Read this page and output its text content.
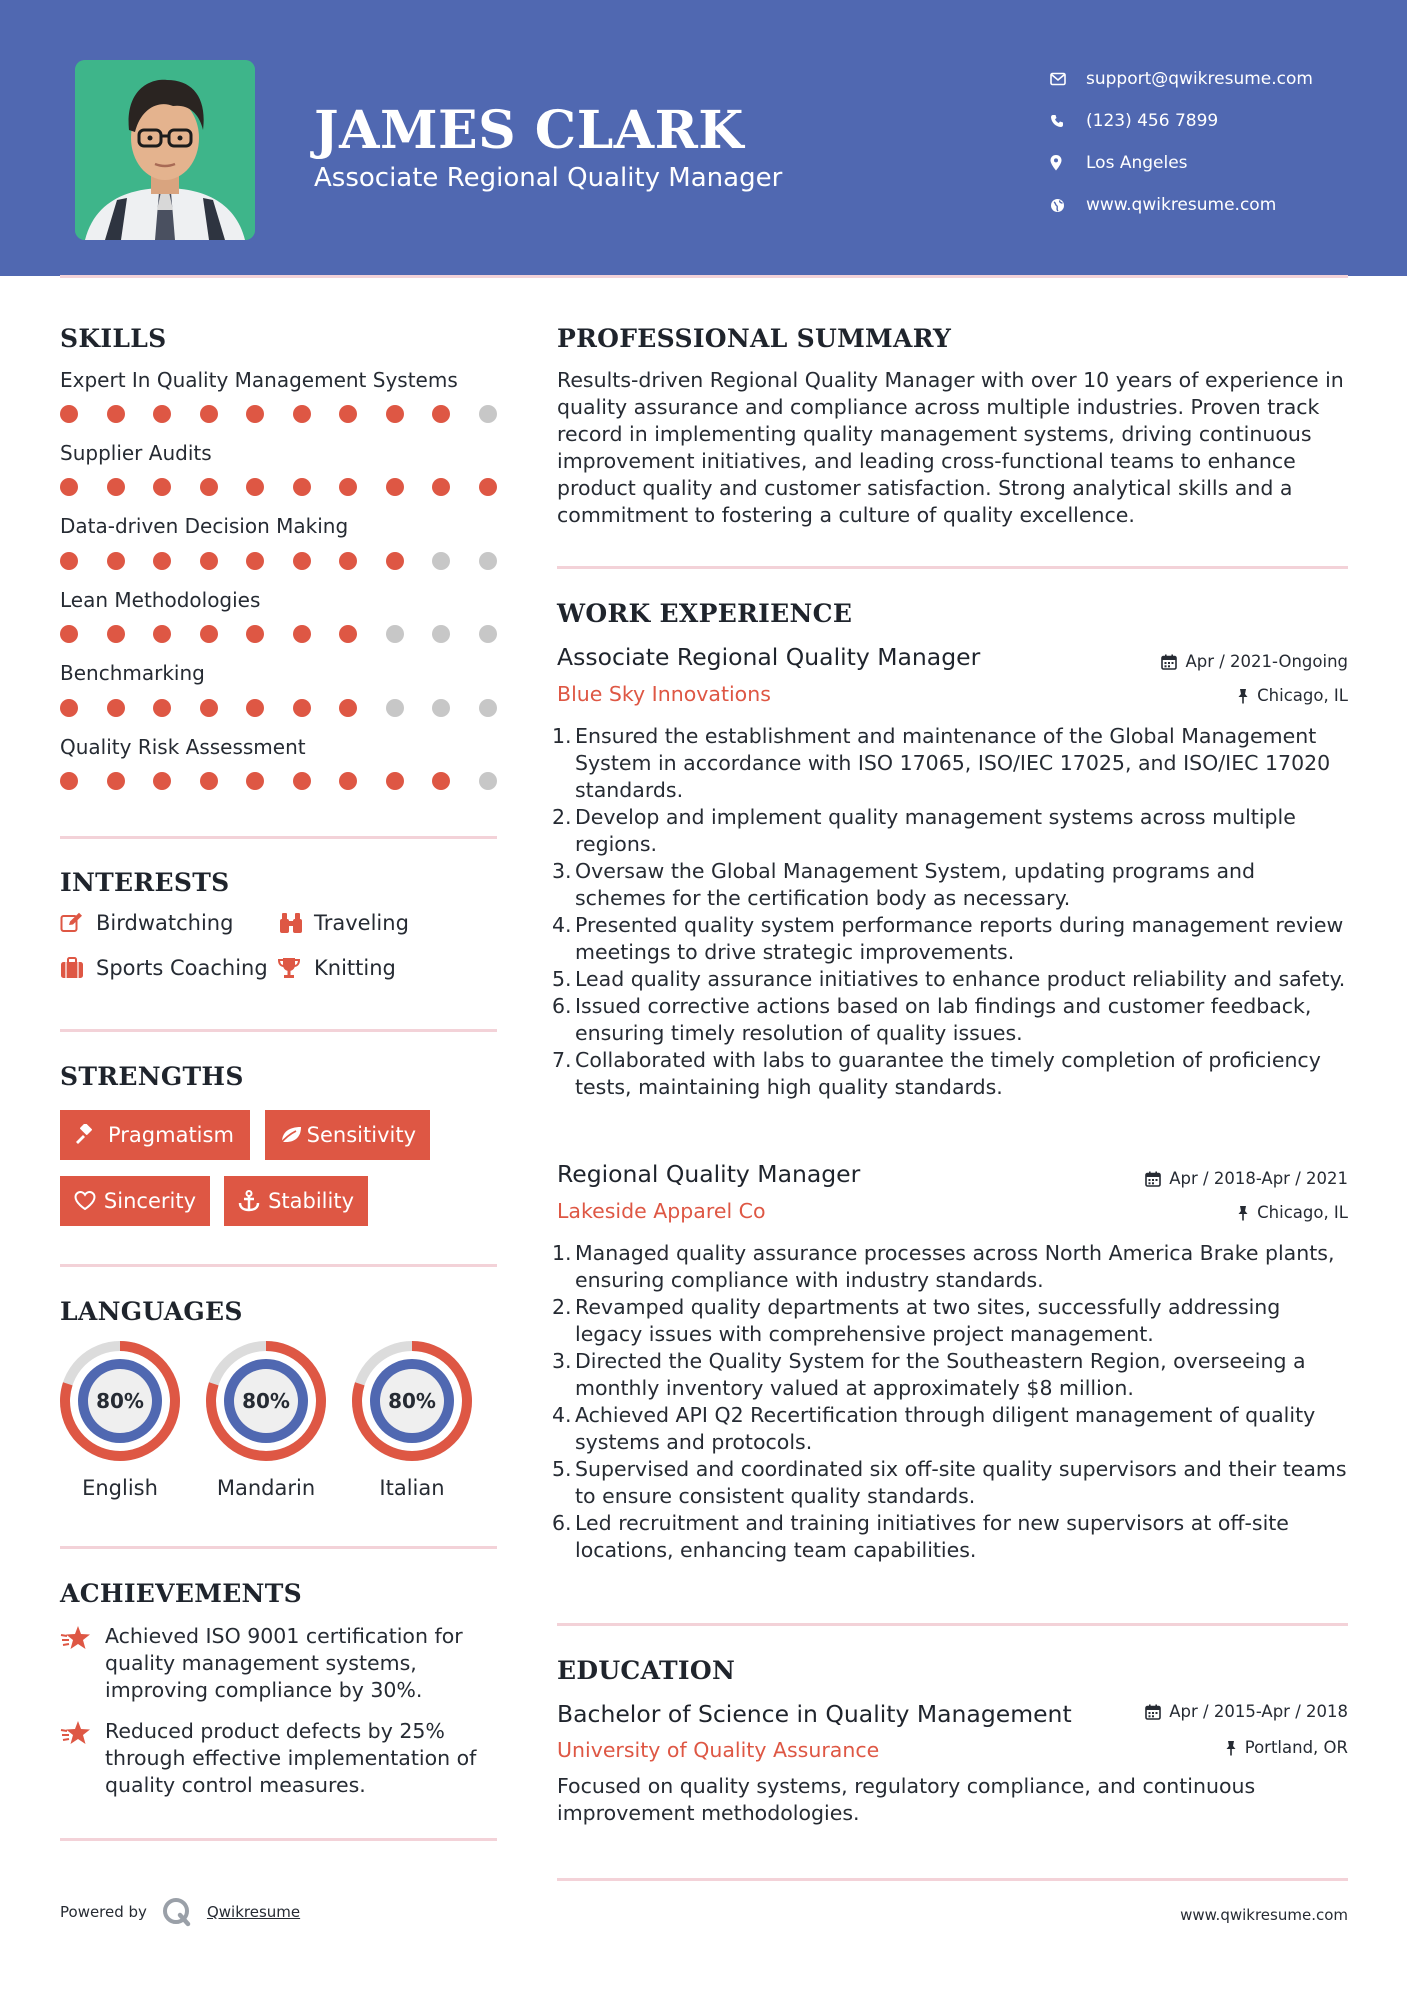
JAMES CLARK
Associate Regional Quality Manager
support@qwikresume.com
(123) 456 7899
Los Angeles
www.qwikresume.com
SKILLS
Expert In Quality Management Systems
Supplier Audits
Data-driven Decision Making
Lean Methodologies
Benchmarking
Quality Risk Assessment
INTERESTS
Birdwatching	Traveling
Sports Coaching Knitting
STRENGTHS
Pragmatism	Sensitivity
Sincerity	Stability
LANGUAGES
80%
English
80%
Mandarin
80%
Italian
ACHIEVEMENTS
Achieved ISO 9001 certification for quality management systems, improving compliance by 30%.
Reduced product defects by 25% through effective implementation of quality control measures.
PROFESSIONAL SUMMARY
Results-driven Regional Quality Manager with over 10 years of experience in quality assurance and compliance across multiple industries. Proven track record in implementing quality management systems, driving continuous improvement initiatives, and leading cross-functional teams to enhance product quality and customer satisfaction. Strong analytical skills and a commitment to fostering a culture of quality excellence.
WORK EXPERIENCE
Associate Regional Quality Manager	Apr / 2021-Ongoing
Blue Sky Innovations	Chicago, IL
1. Ensured the establishment and maintenance of the Global Management System in accordance with ISO 17065, ISO/IEC 17025, and ISO/IEC 17020 standards.
2. Develop and implement quality management systems across multiple regions.
3. Oversaw the Global Management System, updating programs and schemes for the certification body as necessary.
4. Presented quality system performance reports during management review meetings to drive strategic improvements.
5. Lead quality assurance initiatives to enhance product reliability and safety.
6. Issued corrective actions based on lab findings and customer feedback, ensuring timely resolution of quality issues.
7. Collaborated with labs to guarantee the timely completion of proficiency tests, maintaining high quality standards.
Regional Quality Manager	Apr / 2018-Apr / 2021
Lakeside Apparel Co	Chicago, IL
1. Managed quality assurance processes across North America Brake plants, ensuring compliance with industry standards.
2. Revamped quality departments at two sites, successfully addressing legacy issues with comprehensive project management.
3. Directed the Quality System for the Southeastern Region, overseeing a monthly inventory valued at approximately $8 million.
4. Achieved API Q2 Recertification through diligent management of quality systems and protocols.
5. Supervised and coordinated six off-site quality supervisors and their teams to ensure consistent quality standards.
6. Led recruitment and training initiatives for new supervisors at off-site locations, enhancing team capabilities.
EDUCATION
Bachelor of Science in Quality Management	Apr / 2015-Apr / 2018
University of Quality Assurance	Portland, OR
Focused on quality systems, regulatory compliance, and continuous improvement methodologies.
Powered by	Qwikresume	www.qwikresume.com
